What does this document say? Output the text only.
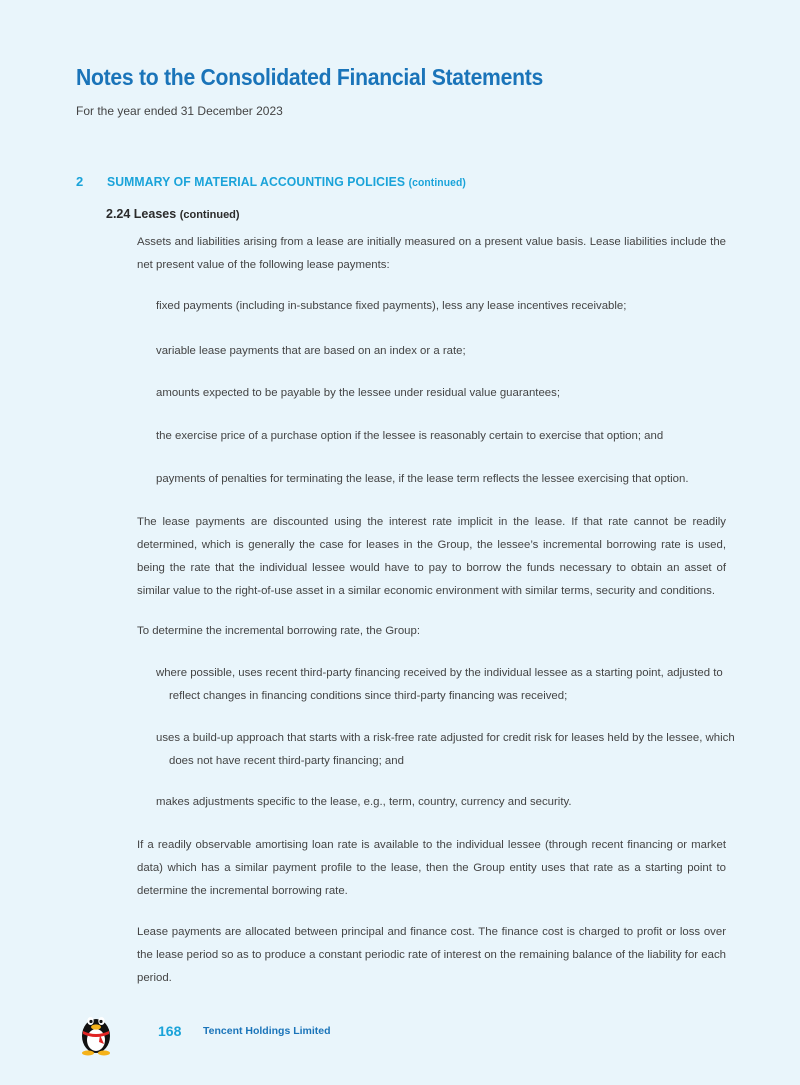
Notes to the Consolidated Financial Statements
For the year ended 31 December 2023
2	SUMMARY OF MATERIAL ACCOUNTING POLICIES (continued)
2.24 Leases (continued)

Assets and liabilities arising from a lease are initially measured on a present value basis. Lease liabilities include the net present value of the following lease payments:

fixed payments (including in-substance fixed payments), less any lease incentives receivable;

variable lease payments that are based on an index or a rate;

amounts expected to be payable by the lessee under residual value guarantees;

the exercise price of a purchase option if the lessee is reasonably certain to exercise that option; and

payments of penalties for terminating the lease, if the lease term reflects the lessee exercising that option.

The lease payments are discounted using the interest rate implicit in the lease. If that rate cannot be readily determined, which is generally the case for leases in the Group, the lessee’s incremental borrowing rate is used, being the rate that the individual lessee would have to pay to borrow the funds necessary to obtain an asset of similar value to the right-of-use asset in a similar economic environment with similar terms, security and conditions.

To determine the incremental borrowing rate, the Group:

where possible, uses recent third-party financing received by the individual lessee as a starting point, adjusted to reflect changes in financing conditions since third-party financing was received;

uses a build-up approach that starts with a risk-free rate adjusted for credit risk for leases held by the lessee, which does not have recent third-party financing; and

makes adjustments specific to the lease, e.g., term, country, currency and security.

If a readily observable amortising loan rate is available to the individual lessee (through recent financing or market data) which has a similar payment profile to the lease, then the Group entity uses that rate as a starting point to determine the incremental borrowing rate.

Lease payments are allocated between principal and finance cost. The finance cost is charged to profit or loss over the lease period so as to produce a constant periodic rate of interest on the remaining balance of the liability for each period.

168 Tencent Holdings Limited
